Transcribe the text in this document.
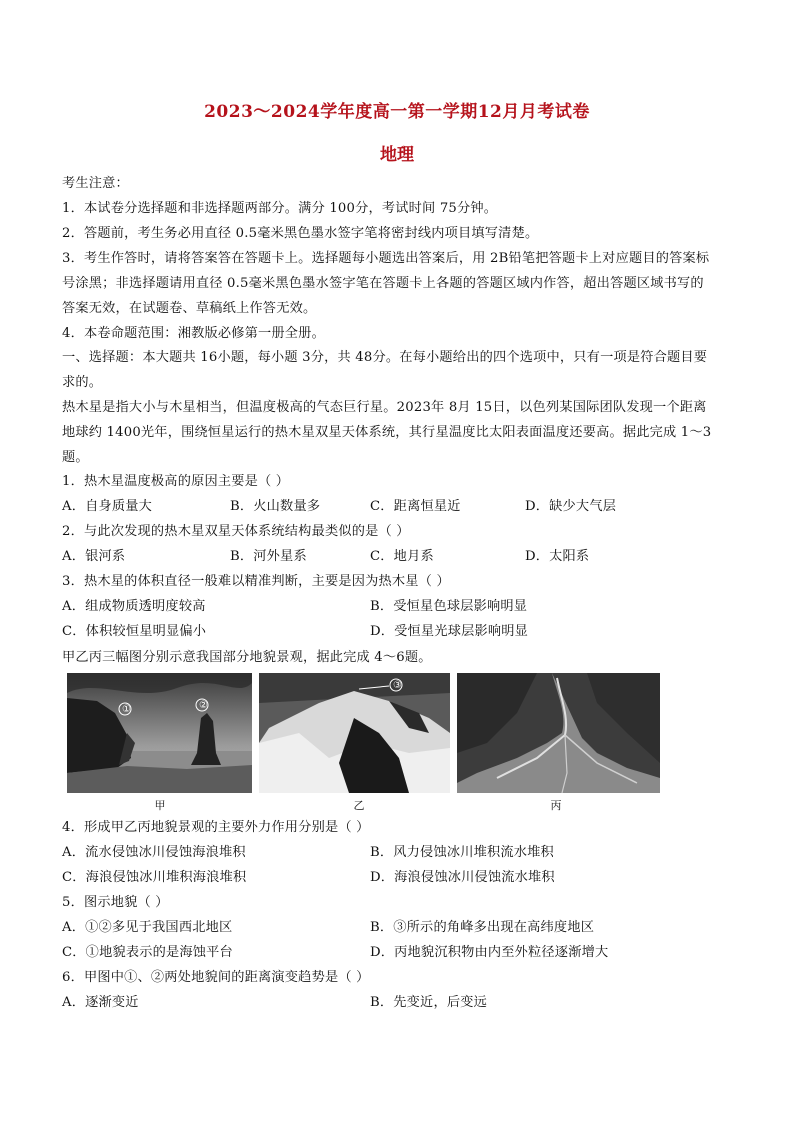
2023～2024学年度高一第一学期12月月考试卷
地理
考生注意：
1．本试卷分选择题和非选择题两部分。满分 100分，考试时间 75分钟。
2．答题前，考生务必用直径 0.5毫米黑色墨水签字笔将密封线内项目填写清楚。
3．考生作答时，请将答案答在答题卡上。选择题每小题选出答案后，用 2B铅笔把答题卡上对应题目的答案标
号涂黑；非选择题请用直径 0.5毫米黑色墨水签字笔在答题卡上各题的答题区域内作答，超出答题区域书写的
答案无效，在试题卷、草稿纸上作答无效。
4．本卷命题范围：湘教版必修第一册全册。
一、选择题：本大题共 16小题，每小题 3分，共 48分。在每小题给出的四个选项中，只有一项是符合题目要
求的。
热木星是指大小与木星相当，但温度极高的气态巨行星。2023年 8月 15日，以色列某国际团队发现一个距离
地球约 1400光年，围绕恒星运行的热木星双星天体系统，其行星温度比太阳表面温度还要高。据此完成 1～3
题。
1．热木星温度极高的原因主要是（ ）
A．自身质量大	B．火山数量多	C．距离恒星近	D．缺少大气层
2．与此次发现的热木星双星天体系统结构最类似的是（ ）
A．银河系	B．河外星系	C．地月系	D．太阳系
3．热木星的体积直径一般难以精准判断，主要是因为热木星（ ）
A．组成物质透明度较高	B．受恒星色球层影响明显
C．体积较恒星明显偏小	D．受恒星光球层影响明显
甲乙丙三幅图分别示意我国部分地貌景观，据此完成 4～6题。
①	②
甲
③
乙	丙
4．形成甲乙丙地貌景观的主要外力作用分别是（ ）
A．流水侵蚀冰川侵蚀海浪堆积	B．风力侵蚀冰川堆积流水堆积
C．海浪侵蚀冰川堆积海浪堆积	D．海浪侵蚀冰川侵蚀流水堆积
5．图示地貌（ ）
A．①②多见于我国西北地区	B．③所示的角峰多出现在高纬度地区
C．①地貌表示的是海蚀平台	D．丙地貌沉积物由内至外粒径逐渐增大
6．甲图中①、②两处地貌间的距离演变趋势是（ ）
A．逐渐变近	B．先变近，后变远
